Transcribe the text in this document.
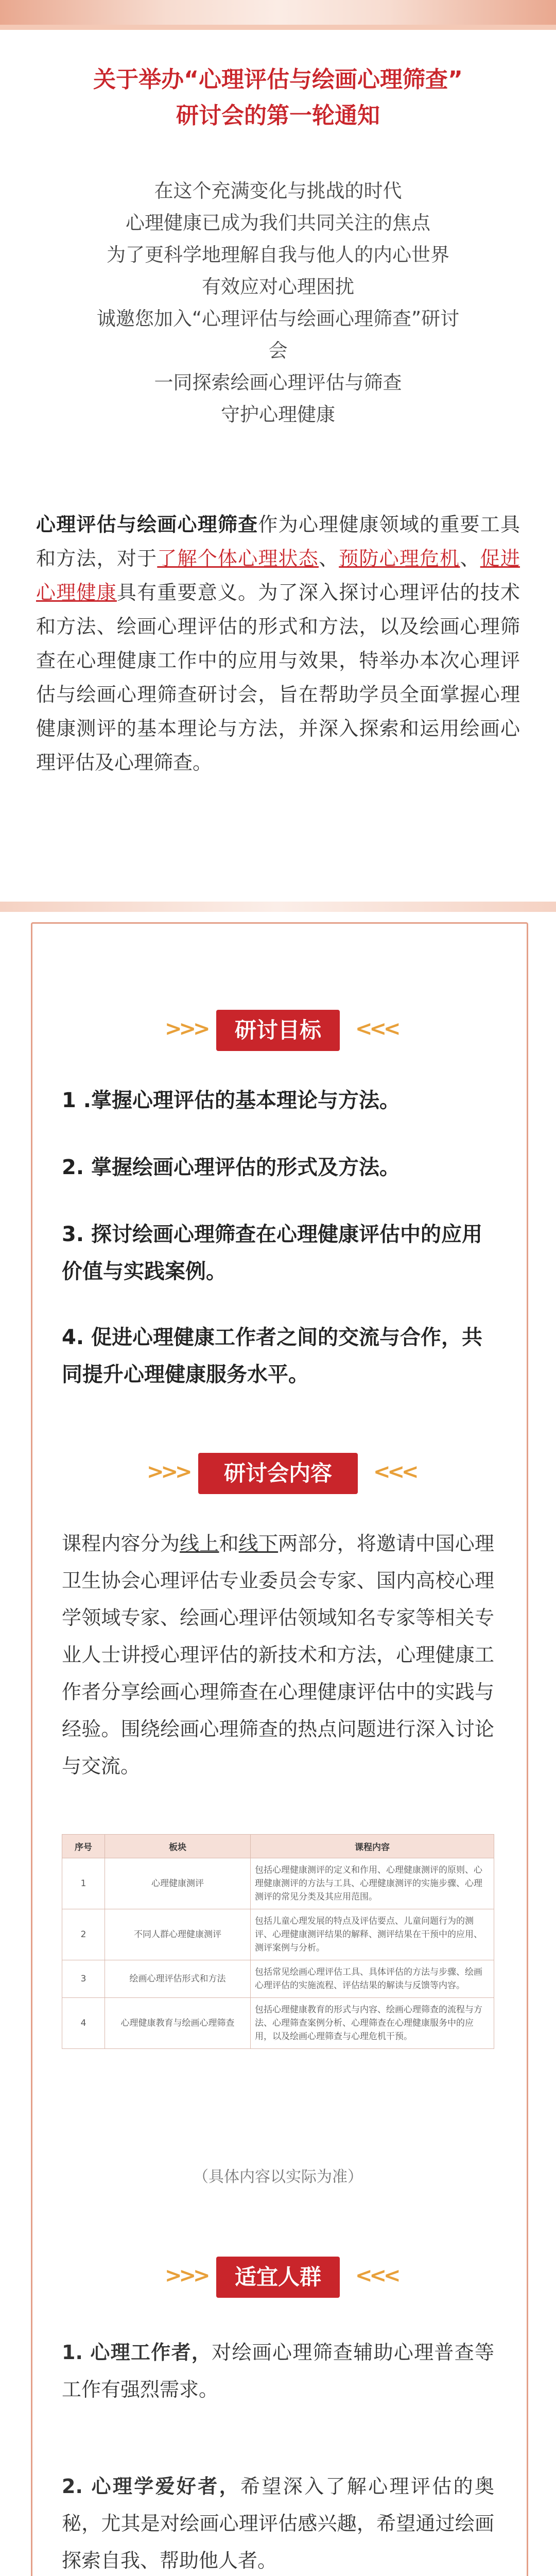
关于举办“心理评估与绘画心理筛查”
研讨会的第一轮通知
在这个充满变化与挑战的时代
心理健康已成为我们共同关注的焦点
为了更科学地理解自我与他人的内心世界
有效应对心理困扰
诚邀您加入“心理评估与绘画心理筛查”研讨
会
一同探索绘画心理评估与筛查
守护心理健康
心理评估与绘画心理筛查作为心理健康领域的重要工具和方法，对于了解个体心理状态、预防心理危机、促进心理健康具有重要意义。为了深入探讨心理评估的技术和方法、绘画心理评估的形式和方法，以及绘画心理筛查在心理健康工作中的应用与效果，特举办本次心理评估与绘画心理筛查研讨会，旨在帮助学员全面掌握心理健康测评的基本理论与方法，并深入探索和运用绘画心理评估及心理筛查。
>>>	研讨目标	<<<
1 .掌握心理评估的基本理论与方法。
2. 掌握绘画心理评估的形式及方法。
3. 探讨绘画心理筛查在心理健康评估中的应用价值与实践案例。
4. 促进心理健康工作者之间的交流与合作，共同提升心理健康服务水平。
>>>	研讨会内容	<<<
课程内容分为线上和线下两部分，将邀请中国心理卫生协会心理评估专业委员会专家、国内高校心理学领域专家、绘画心理评估领域知名专家等相关专业人士讲授心理评估的新技术和方法，心理健康工作者分享绘画心理筛查在心理健康评估中的实践与经验。围绕绘画心理筛查的热点问题进行深入讨论与交流。
序号	板块	课程内容
1	心理健康测评	包括心理健康测评的定义和作用、心理健康测评的原则、心理健康测评的方法与工具、心理健康测评的实施步骤、心理测评的常见分类及其应用范围。
2	不同人群心理健康测评	包括儿童心理发展的特点及评估要点、儿童问题行为的测评、心理健康测评结果的解释、测评结果在干预中的应用、测评案例与分析。
3	绘画心理评估形式和方法	包括常见绘画心理评估工具、具体评估的方法与步骤、绘画心理评估的实施流程、评估结果的解读与反馈等内容。
4	心理健康教育与绘画心理筛查	包括心理健康教育的形式与内容、绘画心理筛查的流程与方法、心理筛查案例分析、心理筛查在心理健康服务中的应用，以及绘画心理筛查与心理危机干预。
（具体内容以实际为准）
>>>	适宜人群	<<<
1. 心理工作者，对绘画心理筛查辅助心理普查等工作有强烈需求。
2. 心理学爱好者，希望深入了解心理评估的奥秘，尤其是对绘画心理评估感兴趣，希望通过绘画探索自我、帮助他人者。
